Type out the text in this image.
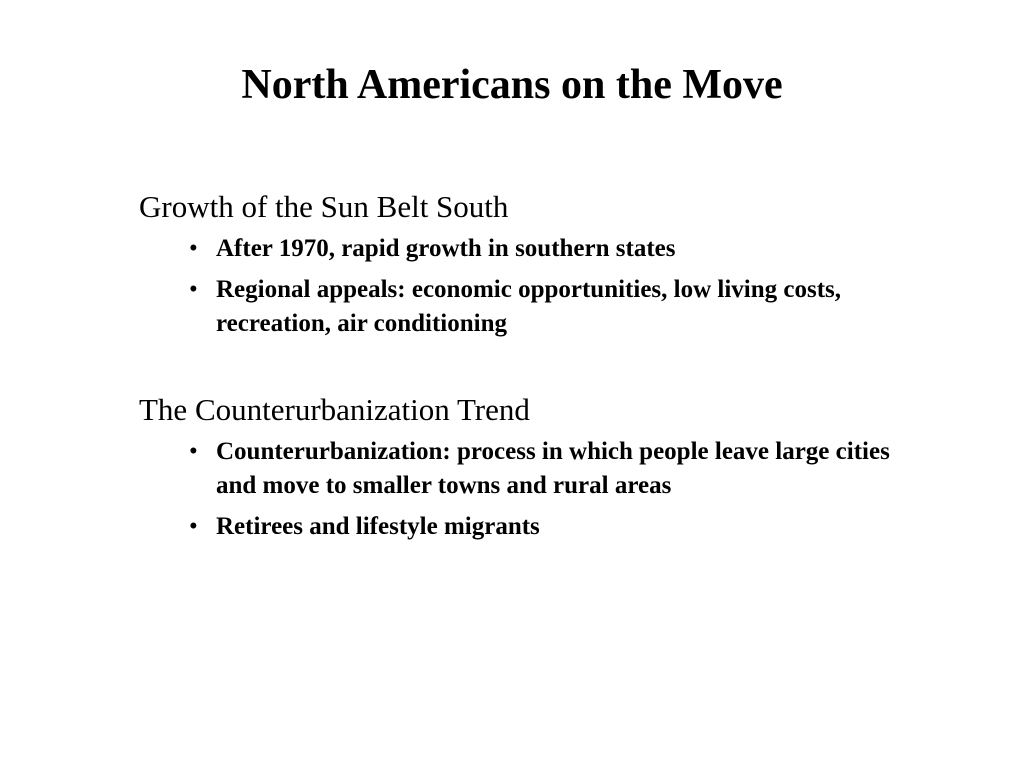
North Americans on the Move
Growth of the Sun Belt South
• After 1970, rapid growth in southern states
• Regional appeals: economic opportunities, low living costs, recreation, air conditioning
The Counterurbanization Trend
• Counterurbanization: process in which people leave large cities and move to smaller towns and rural areas
• Retirees and lifestyle migrants
